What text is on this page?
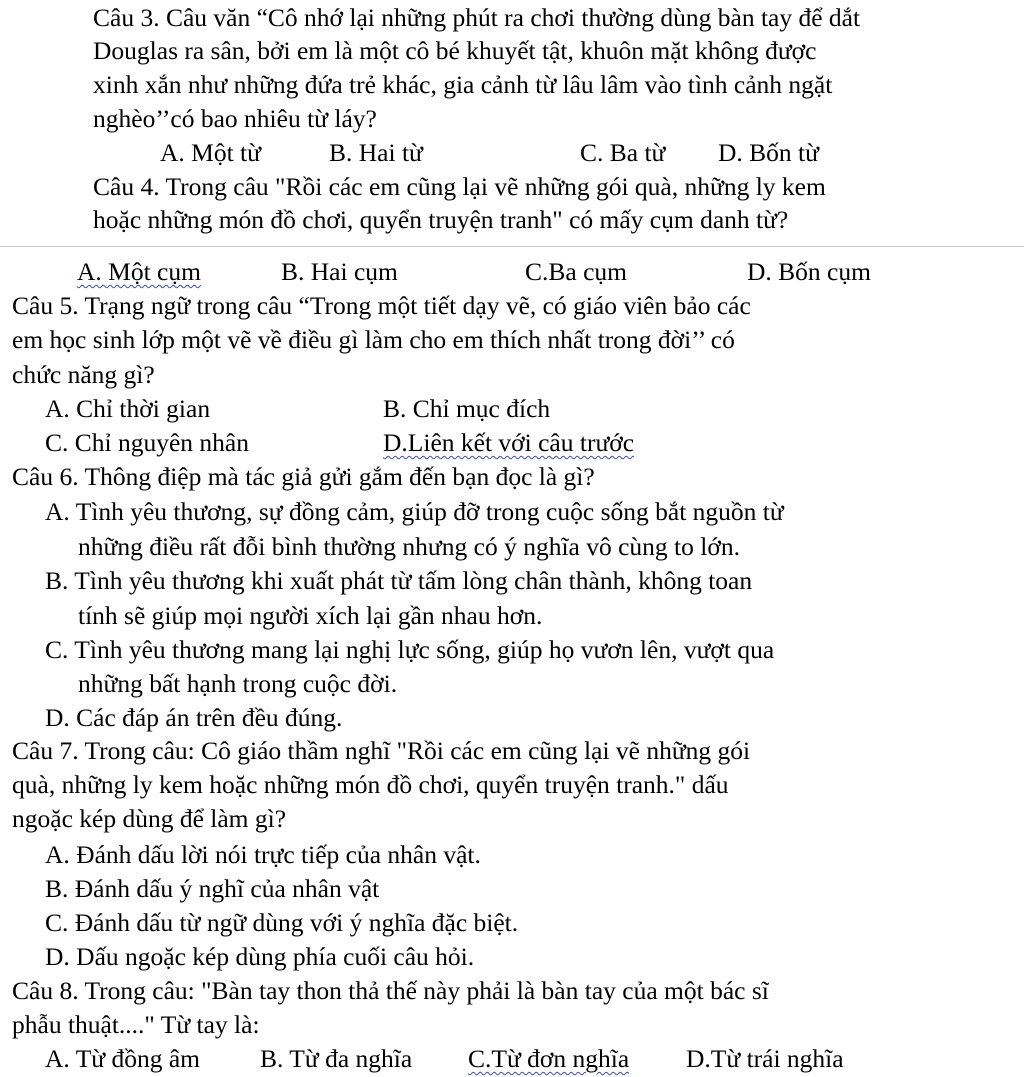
Câu 3. Câu văn “Cô nhớ lại những phút ra chơi thường dùng bàn tay để dắt
Douglas ra sân, bởi em là một cô bé khuyết tật, khuôn mặt không được
xinh xắn như những đứa trẻ khác, gia cảnh từ lâu lâm vào tình cảnh ngặt
nghèo’’có bao nhiêu từ láy?
A. Một từ	B. Hai từ	C. Ba từ D. Bốn từ
Câu 4. Trong câu "Rồi các em cũng lại vẽ những gói quà, những ly kem
hoặc những món đồ chơi, quyển truyện tranh" có mấy cụm danh từ?
A. Một cụm	B. Hai cụm	C.Ba cụm	D. Bốn cụm
Câu 5. Trạng ngữ trong câu “Trong một tiết dạy vẽ, có giáo viên bảo các
em học sinh lớp một vẽ về điều gì làm cho em thích nhất trong đời’’ có
chức năng gì?
A. Chỉ thời gian	B. Chỉ mục đích
C. Chỉ nguyên nhân	D.Liên kết với câu trước
Câu 6. Thông điệp mà tác giả gửi gắm đến bạn đọc là gì?
A. Tình yêu thương, sự đồng cảm, giúp đỡ trong cuộc sống bắt nguồn từ
những điều rất đỗi bình thường nhưng có ý nghĩa vô cùng to lớn.
B. Tình yêu thương khi xuất phát từ tấm lòng chân thành, không toan
tính sẽ giúp mọi người xích lại gần nhau hơn.
C. Tình yêu thương mang lại nghị lực sống, giúp họ vươn lên, vượt qua
những bất hạnh trong cuộc đời.
D. Các đáp án trên đều đúng.
Câu 7. Trong câu: Cô giáo thầm nghĩ "Rồi các em cũng lại vẽ những gói
quà, những ly kem hoặc những món đồ chơi, quyển truyện tranh." dấu
ngoặc kép dùng để làm gì?
A. Đánh dấu lời nói trực tiếp của nhân vật.
B. Đánh dấu ý nghĩ của nhân vật
C. Đánh dấu từ ngữ dùng với ý nghĩa đặc biệt.
D. Dấu ngoặc kép dùng phía cuối câu hỏi.
Câu 8. Trong câu: "Bàn tay thon thả thế này phải là bàn tay của một bác sĩ
phẫu thuật...." Từ tay là:
A. Từ đồng âm B. Từ đa nghĩa C.Từ đơn nghĩa D.Từ trái nghĩa
